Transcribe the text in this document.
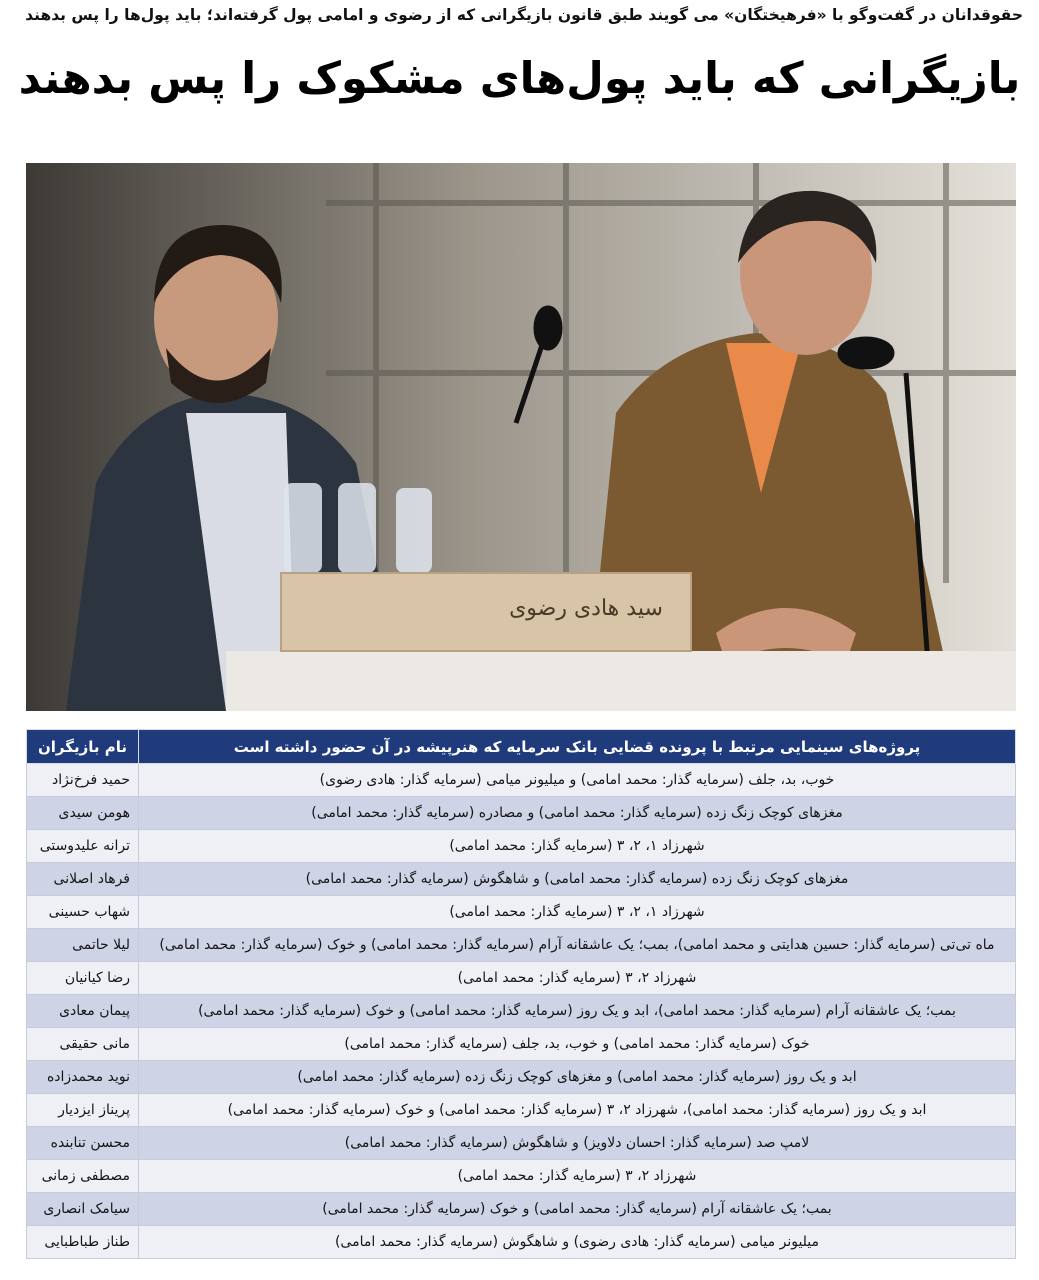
حقوقدانان در گفت‌وگو با «فرهیختگان» می گویند طبق قانون بازیگرانی که از رضوی و امامی پول گرفته‌اند؛ باید پول‌ها را پس بدهند
بازیگرانی که باید پول‌های مشکوک را پس بدهند
سید هادی رضوی
پروژه‌های سینمایی مرتبط با پرونده قضایی بانک سرمایه که هنرپیشه در آن حضور داشته است	نام بازیگران
خوب، بد، جلف (سرمایه گذار: محمد امامی) و میلیونر میامی (سرمایه گذار: هادی رضوی)	حمید فرخ‌نژاد
مغزهای کوچک زنگ زده (سرمایه گذار: محمد امامی) و مصادره (سرمایه گذار: محمد امامی)	هومن سیدی
شهرزاد ۱، ۲، ۳ (سرمایه گذار: محمد امامی)	ترانه علیدوستی
مغزهای کوچک زنگ زده (سرمایه گذار: محمد امامی) و شاهگوش (سرمایه گذار: محمد امامی)	فرهاد اصلانی
شهرزاد ۱، ۲، ۳ (سرمایه گذار: محمد امامی)	شهاب حسینی
ماه تی‌تی (سرمایه گذار: حسین هدایتی و محمد امامی)، بمب؛ یک عاشقانه آرام (سرمایه گذار: محمد امامی) و خوک (سرمایه گذار: محمد امامی)	لیلا حاتمی
شهرزاد ۲، ۳ (سرمایه گذار: محمد امامی)	رضا کیانیان
بمب؛ یک عاشقانه آرام (سرمایه گذار: محمد امامی)، ابد و یک روز (سرمایه گذار: محمد امامی) و خوک (سرمایه گذار: محمد امامی)	پیمان معادی
خوک (سرمایه گذار: محمد امامی) و خوب، بد، جلف (سرمایه گذار: محمد امامی)	مانی حقیقی
ابد و یک روز (سرمایه گذار: محمد امامی) و مغزهای کوچک زنگ زده (سرمایه گذار: محمد امامی)	نوید محمدزاده
ابد و یک روز (سرمایه گذار: محمد امامی)، شهرزاد ۲، ۳ (سرمایه گذار: محمد امامی) و خوک (سرمایه گذار: محمد امامی)	پریناز ایزدیار
لامپ صد (سرمایه گذار: احسان دلاویز) و شاهگوش (سرمایه گذار: محمد امامی)	محسن تنابنده
شهرزاد ۲، ۳ (سرمایه گذار: محمد امامی)	مصطفی زمانی
بمب؛ یک عاشقانه آرام (سرمایه گذار: محمد امامی) و خوک (سرمایه گذار: محمد امامی)	سیامک انصاری
میلیونر میامی (سرمایه گذار: هادی رضوی) و شاهگوش (سرمایه گذار: محمد امامی)	طناز طباطبایی
